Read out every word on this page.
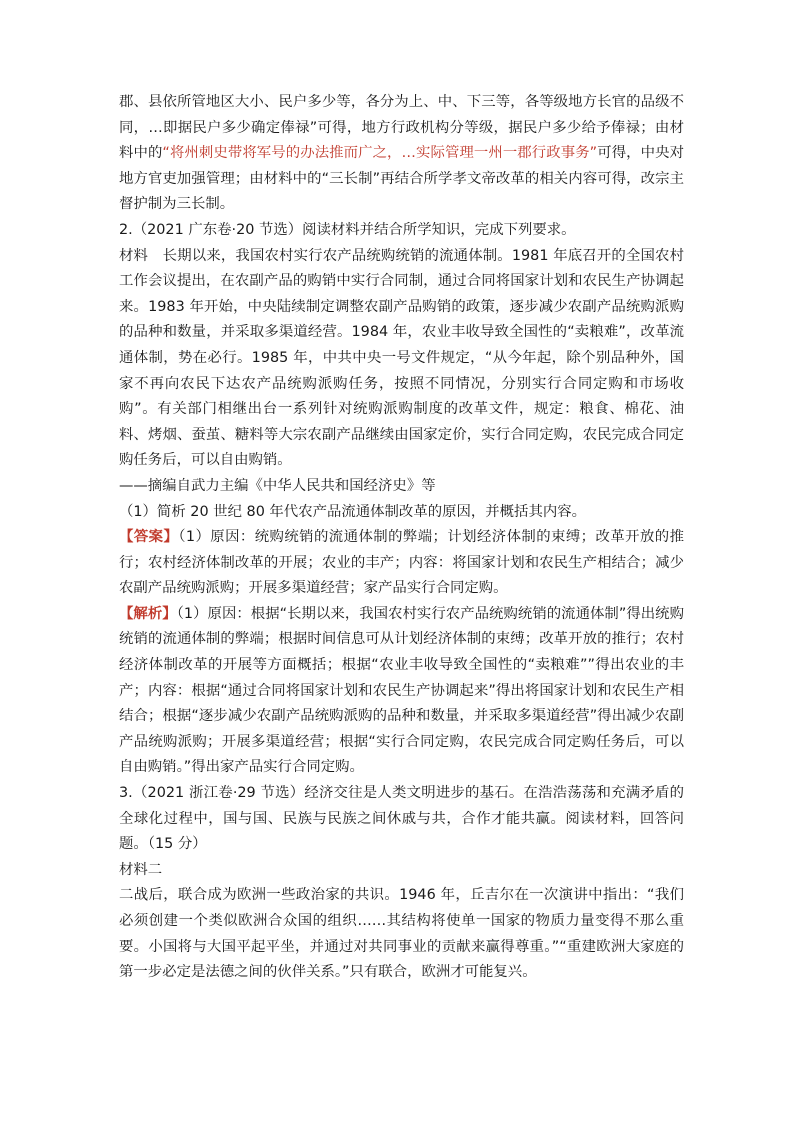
郡、县依所管地区大小、民户多少等，各分为上、中、下三等，各等级地方长官的品级不同，…即据民户多少确定俸禄”可得，地方行政机构分等级，据民户多少给予俸禄；由材料中的“将州刺史带将军号的办法推而广之，…实际管理一州一郡行政事务”可得，中央对地方官吏加强管理；由材料中的“三长制”再结合所学孝文帝改革的相关内容可得，改宗主督护制为三长制。

2.（2021 广东卷·20 节选）阅读材料并结合所学知识，完成下列要求。

材料　长期以来，我国农村实行农产品统购统销的流通体制。1981 年底召开的全国农村工作会议提出，在农副产品的购销中实行合同制，通过合同将国家计划和农民生产协调起来。1983 年开始，中央陆续制定调整农副产品购销的政策，逐步减少农副产品统购派购的品种和数量，并采取多渠道经营。1984 年，农业丰收导致全国性的“卖粮难”，改革流通体制，势在必行。1985 年，中共中央一号文件规定，“从今年起，除个别品种外，国家不再向农民下达农产品统购派购任务，按照不同情况，分别实行合同定购和市场收购”。有关部门相继出台一系列针对统购派购制度的改革文件，规定：粮食、棉花、油料、烤烟、蚕茧、糖料等大宗农副产品继续由国家定价，实行合同定购，农民完成合同定购任务后，可以自由购销。

——摘编自武力主编《中华人民共和国经济史》等

（1）简析 20 世纪 80 年代农产品流通体制改革的原因，并概括其内容。

【答案】（1）原因：统购统销的流通体制的弊端；计划经济体制的束缚；改革开放的推行；农村经济体制改革的开展；农业的丰产；内容：将国家计划和农民生产相结合；减少农副产品统购派购；开展多渠道经营；家产品实行合同定购。

【解析】（1）原因：根据“长期以来，我国农村实行农产品统购统销的流通体制”得出统购统销的流通体制的弊端；根据时间信息可从计划经济体制的束缚；改革开放的推行；农村经济体制改革的开展等方面概括；根据“农业丰收导致全国性的“卖粮难””得出农业的丰产；内容：根据“通过合同将国家计划和农民生产协调起来”得出将国家计划和农民生产相结合；根据“逐步减少农副产品统购派购的品种和数量，并采取多渠道经营”得出减少农副产品统购派购；开展多渠道经营；根据“实行合同定购，农民完成合同定购任务后，可以自由购销。”得出家产品实行合同定购。

3.（2021 浙江卷·29 节选）经济交往是人类文明进步的基石。在浩浩荡荡和充满矛盾的全球化过程中，国与国、民族与民族之间休戚与共，合作才能共赢。阅读材料，回答问题。（15 分）

材料二

二战后，联合成为欧洲一些政治家的共识。1946 年，丘吉尔在一次演讲中指出：“我们必须创建一个类似欧洲合众国的组织……其结构将使单一国家的物质力量变得不那么重要。小国将与大国平起平坐，并通过对共同事业的贡献来赢得尊重。”“重建欧洲大家庭的第一步必定是法德之间的伙伴关系。”只有联合，欧洲才可能复兴。
